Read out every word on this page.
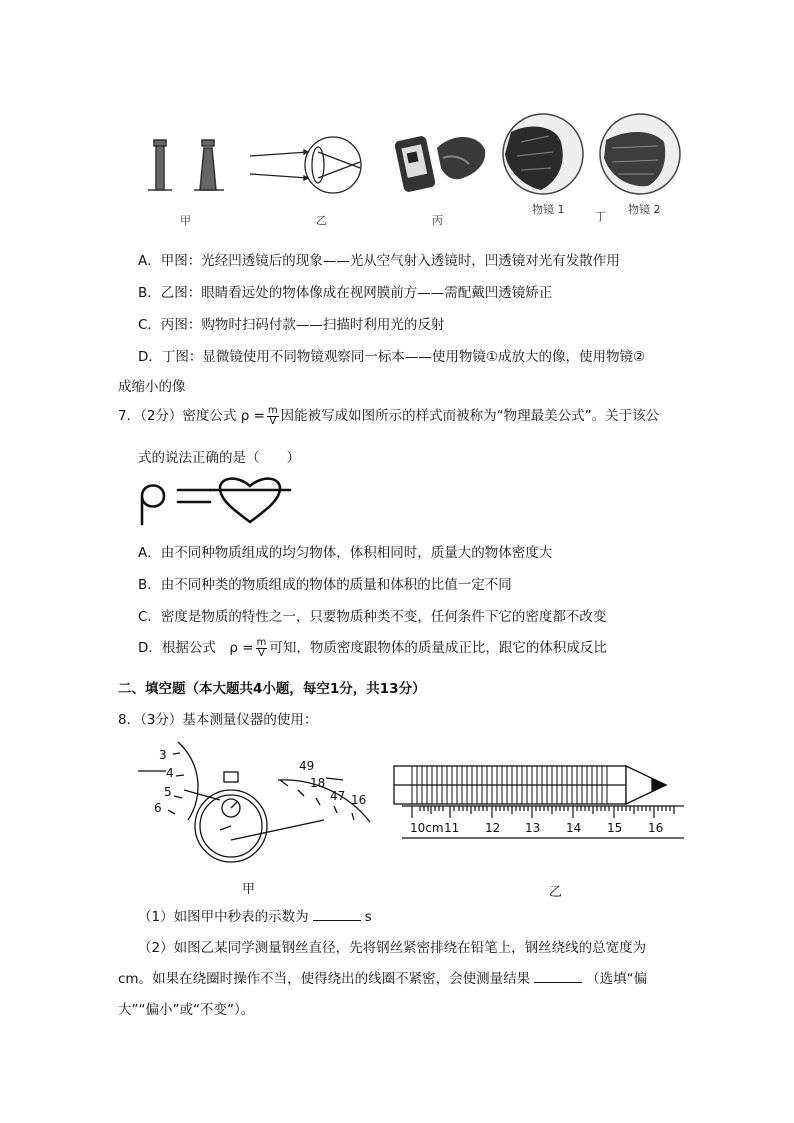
甲	乙	丙
物镜 1
丁
物镜 2
A．甲图：光经凹透镜后的现象——光从空气射入透镜时，凹透镜对光有发散作用
B．乙图：眼睛看远处的物体像成在视网膜前方——需配戴凹透镜矫正
C．丙图：购物时扫码付款——扫描时利用光的反射
D．丁图：显微镜使用不同物镜观察同一标本——使用物镜①成放大的像，使用物镜②
成缩小的像
7．（2分）密度公式 $\rho = \frac{m}{V}$ 因能被写成如图所示的样式而被称为“物理最美公式”。关于该公
式的说法正确的是（　　）
A．由不同种物质组成的均匀物体，体积相同时，质量大的物体密度大
B．由不同种类的物质组成的物体的质量和体积的比值一定不同
C．密度是物质的特性之一，只要物质种类不变，任何条件下它的密度都不改变
D．根据公式　$\rho = \frac{m}{V}$ 可知，物质密度跟物体的质量成正比，跟它的体积成反比
二、填空题（本大题共4小题，每空1分，共13分）
8．（3分）基本测量仪器的使用：
3
4
5
6
49
18
47 16
10cm 11 12 13 14 15 16
甲	乙
（1）如图甲中秒表的示数为	s
（2）如图乙某同学测量钢丝直径，先将钢丝紧密排绕在铅笔上，钢丝绕线的总宽度为
cm。如果在绕圈时操作不当，使得绕出的线圈不紧密，会使测量结果	（选填“偏
大”“偏小”或“不变”）。
